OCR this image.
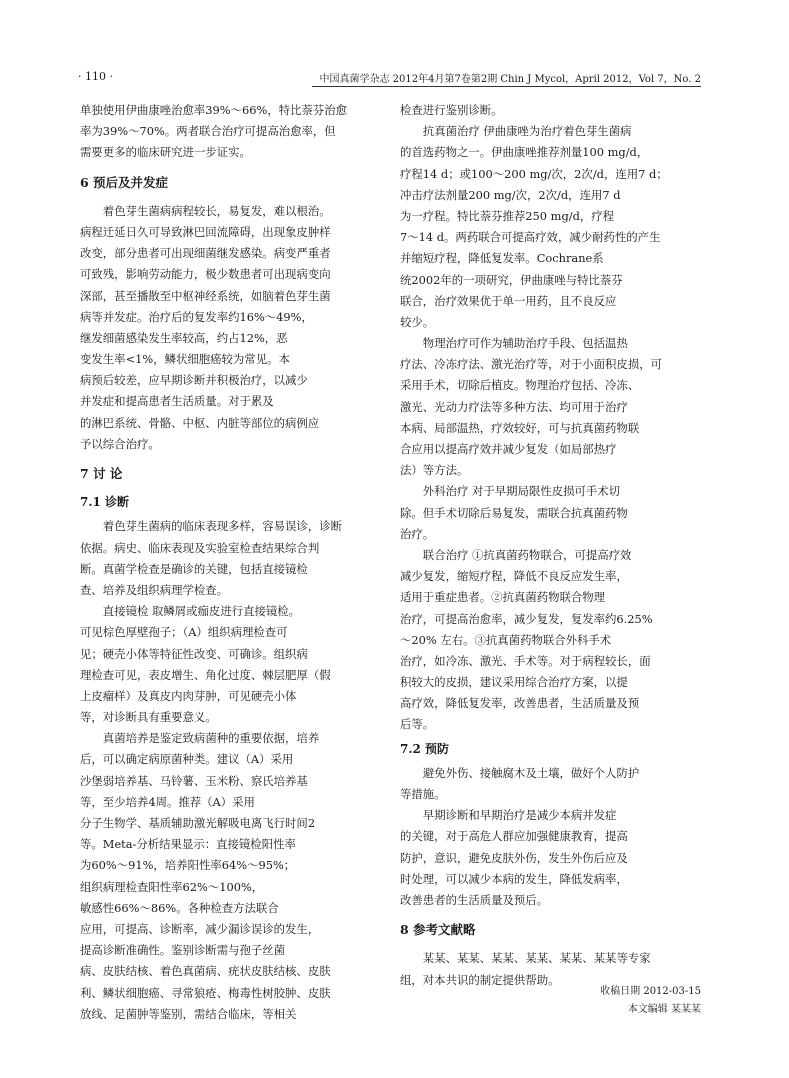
· 110 ·	中国真菌学杂志 2012年4月第7卷第2期 Chin J Mycol，April 2012，Vol 7，No. 2
单独使用伊曲康唑治愈率39%～66%，特比萘芬治愈
率为39%～70%。两者联合治疗可提高治愈率，但
需要更多的临床研究进一步证实。
6 预后及并发症
着色芽生菌病病程较长，易复发，难以根治。
病程迁延日久可导致淋巴回流障碍，出现象皮肿样
改变，部分患者可出现细菌继发感染。病变严重者
可致残，影响劳动能力，极少数患者可出现病变向
深部，甚至播散至中枢神经系统，如脑着色芽生菌
病等并发症。治疗后的复发率约16%～49%，
继发细菌感染发生率较高，约占12%，恶
变发生率<1%，鳞状细胞癌较为常见。本
病预后较差，应早期诊断并积极治疗，以减少
并发症和提高患者生活质量。对于累及
的淋巴系统、骨骼、中枢、内脏等部位的病例应
予以综合治疗。
7 讨 论
7.1 诊断
着色芽生菌病的临床表现多样，容易误诊，诊断
依据。病史、临床表现及实验室检查结果综合判
断。真菌学检查是确诊的关键，包括直接镜检
查、培养及组织病理学检查。
直接镜检 取鳞屑或痂皮进行直接镜检。
可见棕色厚壁孢子；（A）组织病理检查可
见；硬壳小体等特征性改变、可确诊。组织病
理检查可见，表皮增生、角化过度、棘层肥厚（假
上皮瘤样）及真皮内肉芽肿，可见硬壳小体
等，对诊断具有重要意义。
真菌培养是鉴定致病菌种的重要依据，培养
后，可以确定病原菌种类。建议（A）采用
沙堡弱培养基、马铃薯、玉米粉、察氏培养基
等，至少培养4周。推荐（A）采用
分子生物学、基质辅助激光解吸电离飞行时间2
等。Meta-分析结果显示：直接镜检阳性率
为60%～91%，培养阳性率64%～95%；
组织病理检查阳性率62%～100%，
敏感性66%～86%。各种检查方法联合
应用，可提高、诊断率，减少漏诊误诊的发生，
提高诊断准确性。鉴别诊断需与孢子丝菌
病、皮肤结核、着色真菌病、疣状皮肤结核、皮肤
利、鳞状细胞癌、寻常狼疮、梅毒性树胶肿、皮肤
放线、足菌肿等鉴别，需结合临床，等相关
检查进行鉴别诊断。
抗真菌治疗 伊曲康唑为治疗着色芽生菌病
的首选药物之一。伊曲康唑推荐剂量100 mg/d，
疗程14 d；或100～200 mg/次，2次/d，连用7 d；
冲击疗法剂量200 mg/次，2次/d，连用7 d
为一疗程。特比萘芬推荐250 mg/d，疗程
7～14 d。两药联合可提高疗效，减少耐药性的产生
并缩短疗程，降低复发率。Cochrane系
统2002年的一项研究，伊曲康唑与特比萘芬
联合，治疗效果优于单一用药，且不良反应
较少。
物理治疗可作为辅助治疗手段、包括温热
疗法、冷冻疗法、激光治疗等，对于小面积皮损，可
采用手术，切除后植皮。物理治疗包括、冷冻、
激光、光动力疗法等多种方法、均可用于治疗
本病、局部温热，疗效较好，可与抗真菌药物联
合应用以提高疗效并减少复发（如局部热疗
法）等方法。
外科治疗 对于早期局限性皮损可手术切
除。但手术切除后易复发，需联合抗真菌药物
治疗。
联合治疗 ①抗真菌药物联合，可提高疗效
减少复发，缩短疗程，降低不良反应发生率，
适用于重症患者。②抗真菌药物联合物理
治疗，可提高治愈率，减少复发，复发率约6.25%
～20% 左右。③抗真菌药物联合外科手术
治疗，如冷冻、激光、手术等。对于病程较长，面
积较大的皮损，建议采用综合治疗方案，以提
高疗效，降低复发率，改善患者，生活质量及预
后等。
7.2 预防
避免外伤、接触腐木及土壤，做好个人防护
等措施。
早期诊断和早期治疗是减少本病并发症
的关键，对于高危人群应加强健康教育，提高
防护，意识，避免皮肤外伤，发生外伤后应及
时处理，可以减少本病的发生，降低发病率，
改善患者的生活质量及预后。
8 参考文献略
某某、某某、某某、某某、某某、某某等专家
组，对本共识的制定提供帮助。
收稿日期 2012-03-15
本文编辑 某某某
